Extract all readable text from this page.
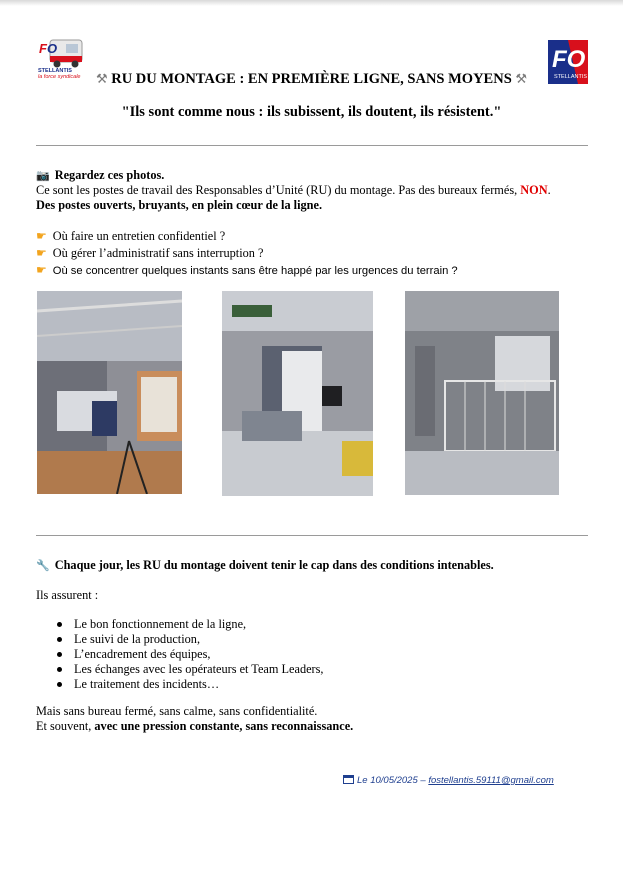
F O
STELLANTIS
la force syndicale
FO
STELLANTIS
⚒ RU DU MONTAGE : EN PREMIÈRE LIGNE, SANS MOYENS ⚒
"Ils sont comme nous : ils subissent, ils doutent, ils résistent."
📷 Regardez ces photos.
Ce sont les postes de travail des Responsables d’Unité (RU) du montage. Pas des bureaux fermés, NON.
Des postes ouverts, bruyants, en plein cœur de la ligne.
☛ Où faire un entretien confidentiel ?
☛ Où gérer l’administratif sans interruption ?
☛ Où se concentrer quelques instants sans être happé par les urgences du terrain ?
🔧 Chaque jour, les RU du montage doivent tenir le cap dans des conditions intenables.
Ils assurent :
Le bon fonctionnement de la ligne,
Le suivi de la production,
L’encadrement des équipes,
Les échanges avec les opérateurs et Team Leaders,
Le traitement des incidents…
Mais sans bureau fermé, sans calme, sans confidentialité.
Et souvent, avec une pression constante, sans reconnaissance.
Le 10/05/2025 – fostellantis.59111@gmail.com
